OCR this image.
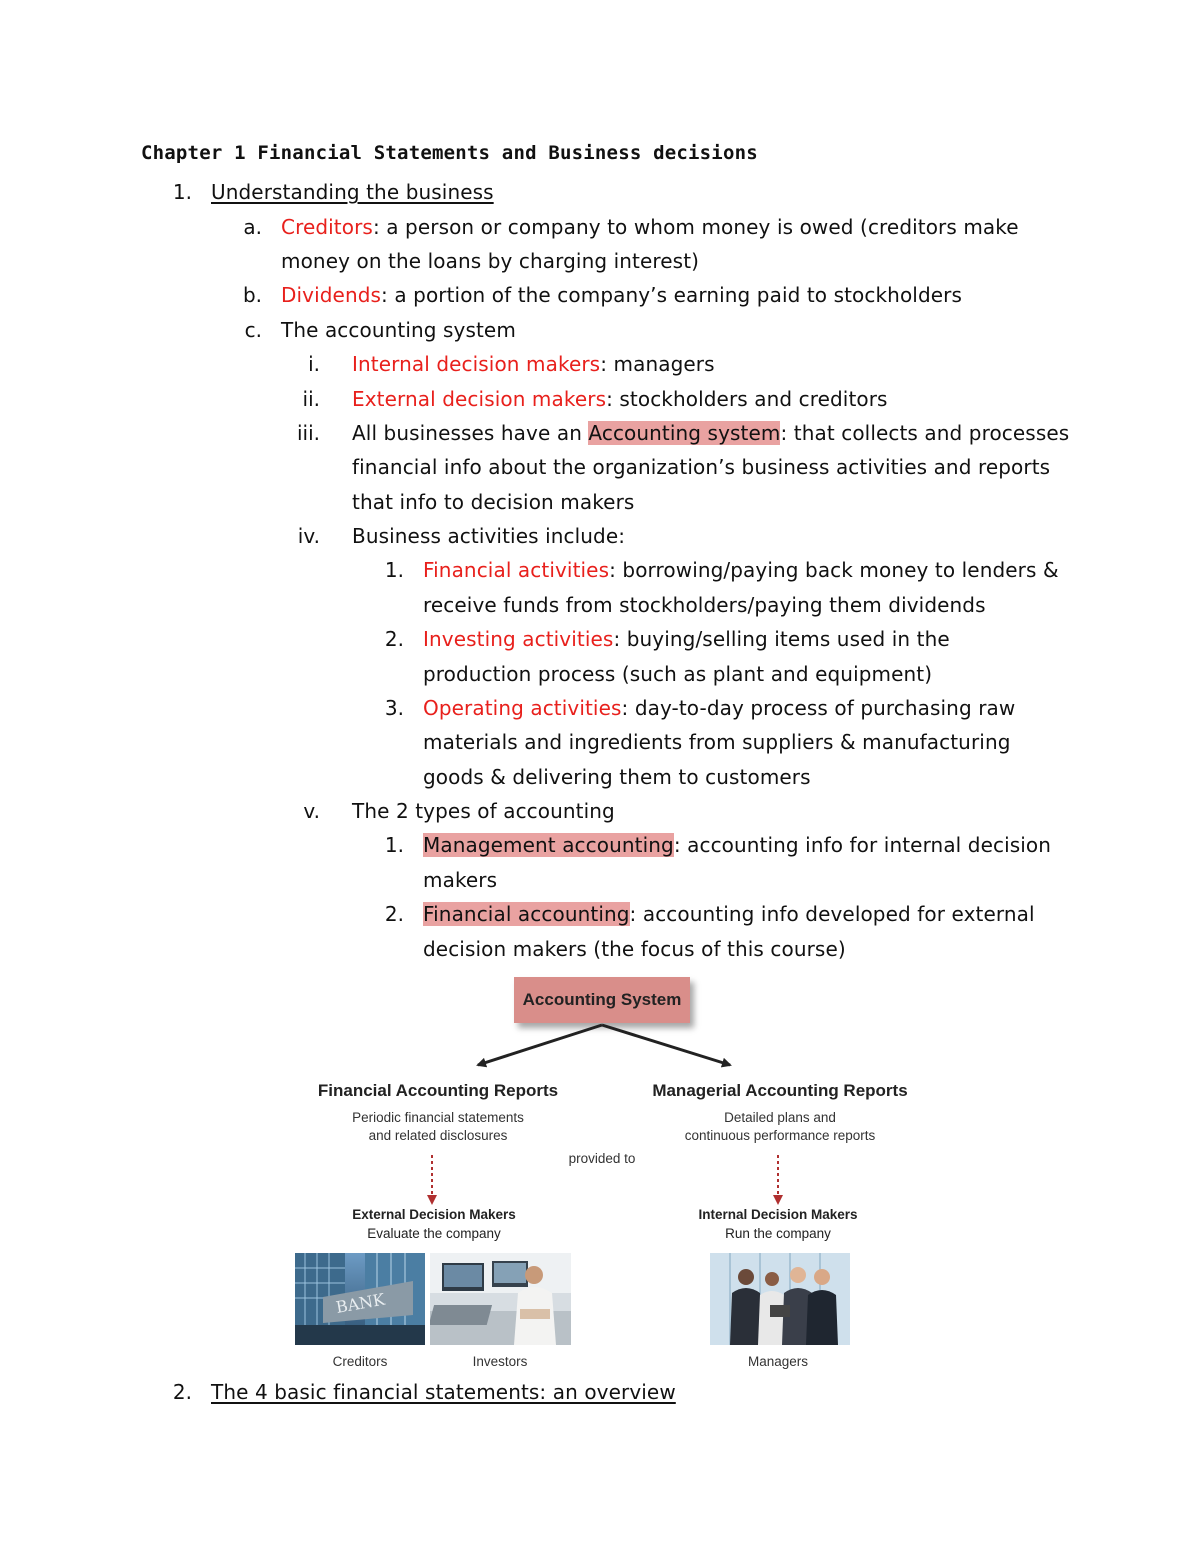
Chapter 1 Financial Statements and Business decisions
1. Understanding the business
a. Creditors: a person or company to whom money is owed (creditors make
money on the loans by charging interest)
b. Dividends: a portion of the company’s earning paid to stockholders
c. The accounting system
i. Internal decision makers: managers
ii. External decision makers: stockholders and creditors
iii. All businesses have an Accounting system: that collects and processes
financial info about the organization’s business activities and reports
that info to decision makers
iv. Business activities include:
1. Financial activities: borrowing/paying back money to lenders &
receive funds from stockholders/paying them dividends
2. Investing activities: buying/selling items used in the
production process (such as plant and equipment)
3. Operating activities: day-to-day process of purchasing raw
materials and ingredients from suppliers & manufacturing
goods & delivering them to customers
v. The 2 types of accounting
1. Management accounting: accounting info for internal decision
makers
2. Financial accounting: accounting info developed for external
decision makers (the focus of this course)
Accounting System
Financial Accounting Reports
Periodic financial statements
and related disclosures
Managerial Accounting Reports
Detailed plans and
continuous performance reports
provided to
External Decision Makers
Evaluate the company
Internal Decision Makers
Run the company
BANK
Creditors	Investors	Managers
2. The 4 basic financial statements: an overview
